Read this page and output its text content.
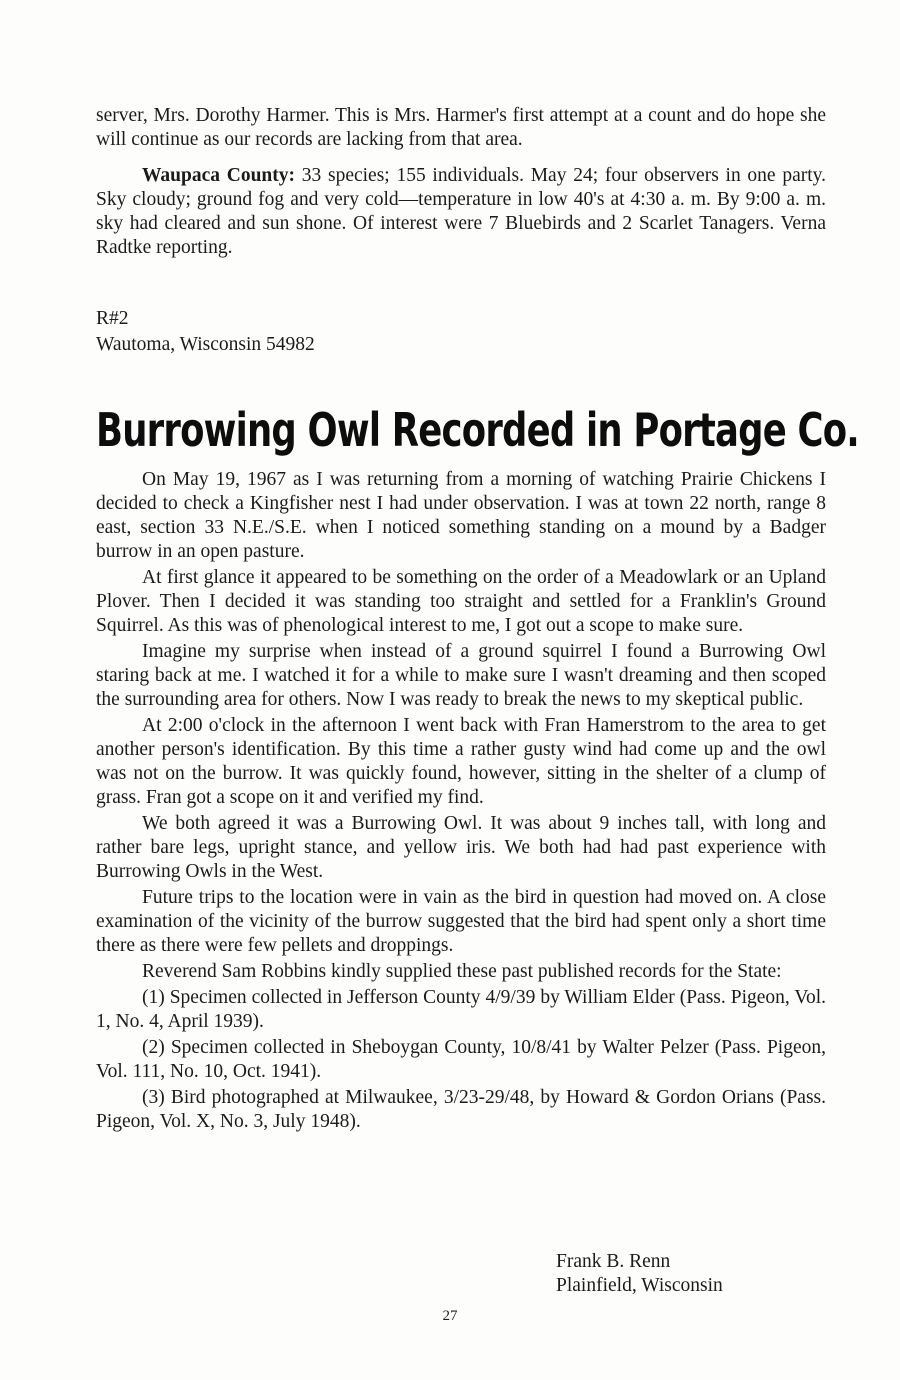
server, Mrs. Dorothy Harmer. This is Mrs. Harmer's first attempt at a count and do hope she will continue as our records are lacking from that area.

Waupaca County: 33 species; 155 individuals. May 24; four observers in one party. Sky cloudy; ground fog and very cold—temperature in low 40's at 4:30 a. m. By 9:00 a. m. sky had cleared and sun shone. Of interest were 7 Bluebirds and 2 Scarlet Tanagers. Verna Radtke reporting.

R#2
Wautoma, Wisconsin 54982
Burrowing Owl Recorded in Portage Co.

On May 19, 1967 as I was returning from a morning of watching Prairie Chickens I decided to check a Kingfisher nest I had under observation. I was at town 22 north, range 8 east, section 33 N.E./S.E. when I noticed something standing on a mound by a Badger burrow in an open pasture.

At first glance it appeared to be something on the order of a Meadowlark or an Upland Plover. Then I decided it was standing too straight and settled for a Franklin's Ground Squirrel. As this was of phenological interest to me, I got out a scope to make sure.

Imagine my surprise when instead of a ground squirrel I found a Burrowing Owl staring back at me. I watched it for a while to make sure I wasn't dreaming and then scoped the surrounding area for others. Now I was ready to break the news to my skeptical public.

At 2:00 o'clock in the afternoon I went back with Fran Hamerstrom to the area to get another person's identification. By this time a rather gusty wind had come up and the owl was not on the burrow. It was quickly found, however, sitting in the shelter of a clump of grass. Fran got a scope on it and verified my find.

We both agreed it was a Burrowing Owl. It was about 9 inches tall, with long and rather bare legs, upright stance, and yellow iris. We both had had past experience with Burrowing Owls in the West.

Future trips to the location were in vain as the bird in question had moved on. A close examination of the vicinity of the burrow suggested that the bird had spent only a short time there as there were few pellets and droppings.

Reverend Sam Robbins kindly supplied these past published records for the State:

(1) Specimen collected in Jefferson County 4/9/39 by William Elder (Pass. Pigeon, Vol. 1, No. 4, April 1939).

(2) Specimen collected in Sheboygan County, 10/8/41 by Walter Pelzer (Pass. Pigeon, Vol. 111, No. 10, Oct. 1941).

(3) Bird photographed at Milwaukee, 3/23-29/48, by Howard & Gordon Orians (Pass. Pigeon, Vol. X, No. 3, July 1948).

Frank B. Renn
Plainfield, Wisconsin
27
